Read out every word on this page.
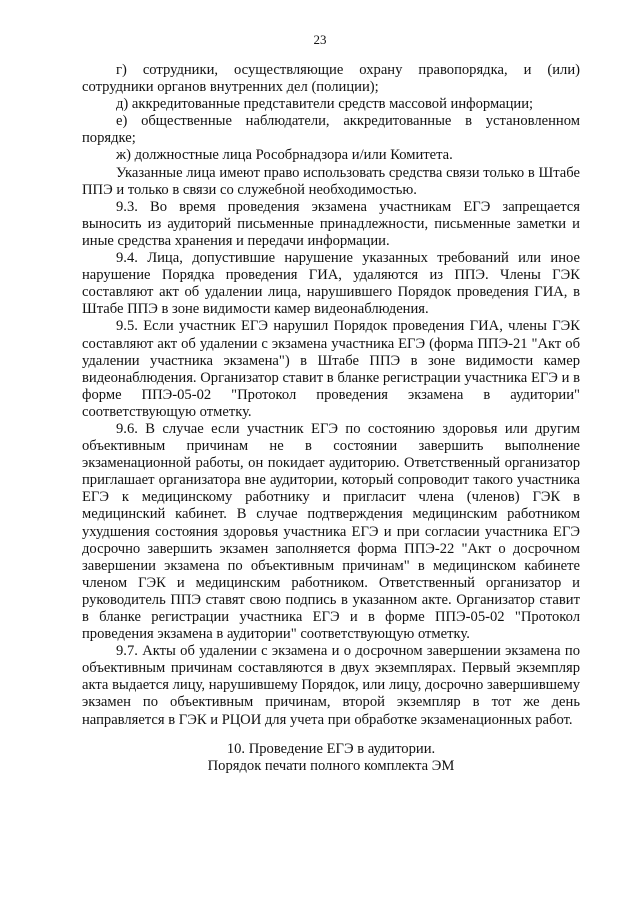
23

г) сотрудники, осуществляющие охрану правопорядка, и (или) сотрудники органов внутренних дел (полиции);

д) аккредитованные представители средств массовой информации;

е) общественные наблюдатели, аккредитованные в установленном порядке;

ж) должностные лица Рособрнадзора и/или Комитета.

Указанные лица имеют право использовать средства связи только в Штабе ППЭ и только в связи со служебной необходимостью.

9.3. Во время проведения экзамена участникам ЕГЭ запрещается выносить из аудиторий письменные принадлежности, письменные заметки и иные средства хранения и передачи информации.

9.4. Лица, допустившие нарушение указанных требований или иное нарушение Порядка проведения ГИА, удаляются из ППЭ. Члены ГЭК составляют акт об удалении лица, нарушившего Порядок проведения ГИА, в Штабе ППЭ в зоне видимости камер видеонаблюдения.

9.5. Если участник ЕГЭ нарушил Порядок проведения ГИА, члены ГЭК составляют акт об удалении с экзамена участника ЕГЭ (форма ППЭ-21 "Акт об удалении участника экзамена") в Штабе ППЭ в зоне видимости камер видеонаблюдения. Организатор ставит в бланке регистрации участника ЕГЭ и в форме ППЭ-05-02 "Протокол проведения экзамена в аудитории" соответствующую отметку.

9.6. В случае если участник ЕГЭ по состоянию здоровья или другим объективным причинам не в состоянии завершить выполнение экзаменационной работы, он покидает аудиторию. Ответственный организатор приглашает организатора вне аудитории, который сопроводит такого участника ЕГЭ к медицинскому работнику и пригласит члена (членов) ГЭК в медицинский кабинет. В случае подтверждения медицинским работником ухудшения состояния здоровья участника ЕГЭ и при согласии участника ЕГЭ досрочно завершить экзамен заполняется форма ППЭ-22 "Акт о досрочном завершении экзамена по объективным причинам" в медицинском кабинете членом ГЭК и медицинским работником. Ответственный организатор и руководитель ППЭ ставят свою подпись в указанном акте. Организатор ставит в бланке регистрации участника ЕГЭ и в форме ППЭ-05-02 "Протокол проведения экзамена в аудитории" соответствующую отметку.

9.7. Акты об удалении с экзамена и о досрочном завершении экзамена по объективным причинам составляются в двух экземплярах. Первый экземпляр акта выдается лицу, нарушившему Порядок, или лицу, досрочно завершившему экзамен по объективным причинам, второй экземпляр в тот же день направляется в ГЭК и РЦОИ для учета при обработке экзаменационных работ.

10. Проведение ЕГЭ в аудитории.
Порядок печати полного комплекта ЭМ
